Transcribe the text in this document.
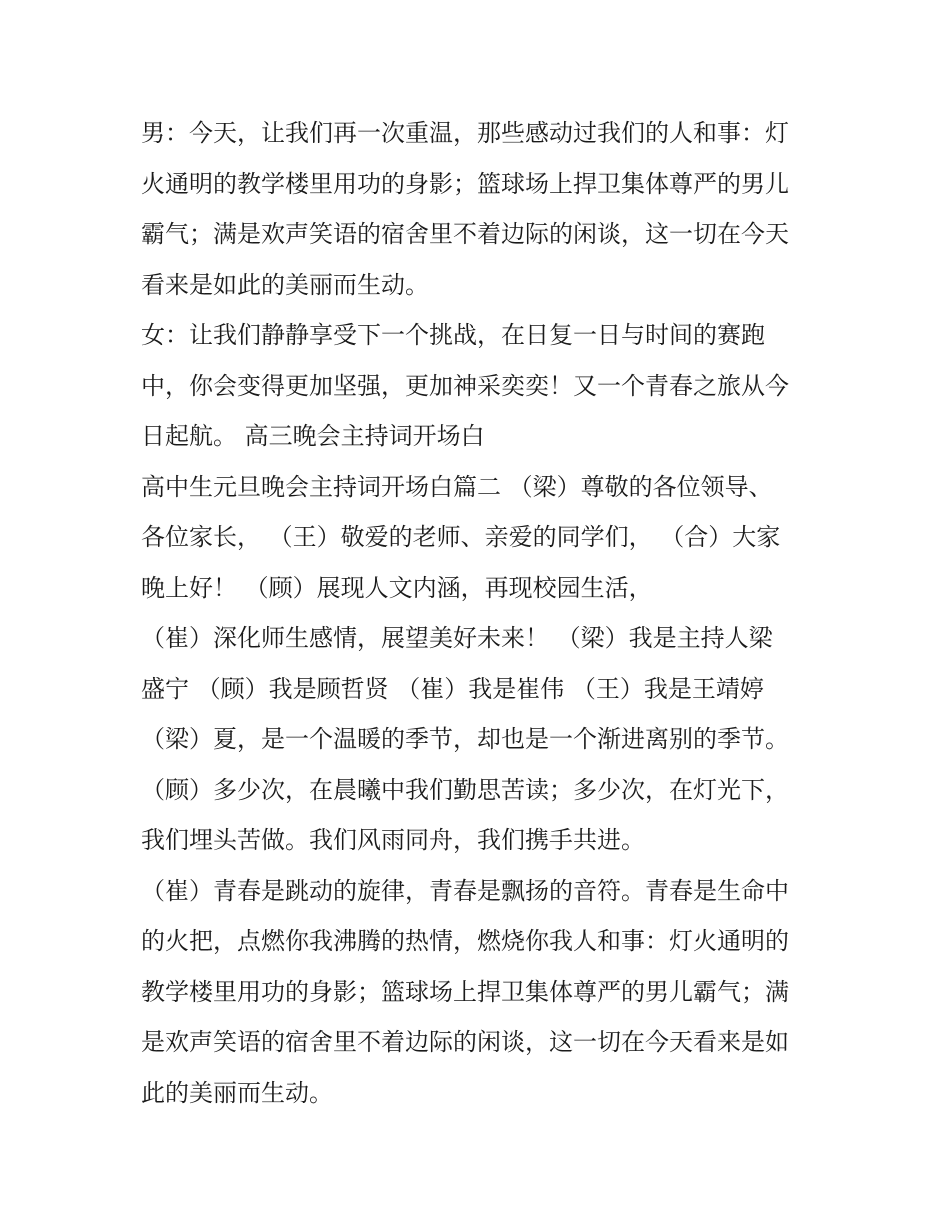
男：今天，让我们再一次重温，那些感动过我们的人和事：灯
火通明的教学楼里用功的身影；篮球场上捍卫集体尊严的男儿
霸气；满是欢声笑语的宿舍里不着边际的闲谈，这一切在今天
看来是如此的美丽而生动。
女：让我们静静享受下一个挑战，在日复一日与时间的赛跑
中，你会变得更加坚强，更加神采奕奕！又一个青春之旅从今
日起航。 高三晚会主持词开场白
高中生元旦晚会主持词开场白篇二 （梁）尊敬的各位领导、
各位家长， （王）敬爱的老师、亲爱的同学们， （合）大家
晚上好！ （顾）展现人文内涵，再现校园生活，
（崔）深化师生感情，展望美好未来！ （梁）我是主持人梁
盛宁 （顾）我是顾哲贤 （崔）我是崔伟 （王）我是王靖婷
（梁）夏，是一个温暖的季节，却也是一个渐进离别的季节。
（顾）多少次，在晨曦中我们勤思苦读；多少次，在灯光下，
我们埋头苦做。我们风雨同舟，我们携手共进。
（崔）青春是跳动的旋律，青春是飘扬的音符。青春是生命中
的火把，点燃你我沸腾的热情，燃烧你我人和事：灯火通明的
教学楼里用功的身影；篮球场上捍卫集体尊严的男儿霸气；满
是欢声笑语的宿舍里不着边际的闲谈，这一切在今天看来是如
此的美丽而生动。
